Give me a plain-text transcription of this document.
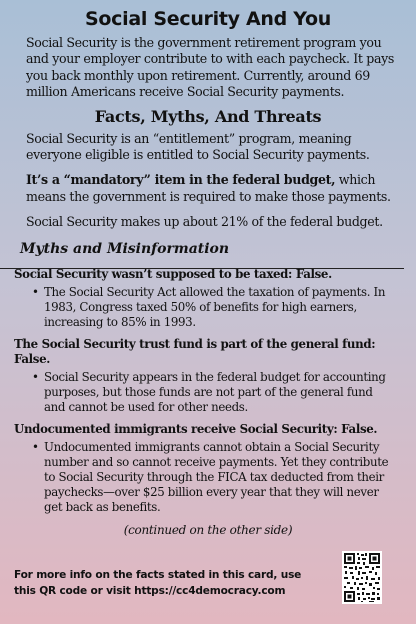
Social Security And You

Social Security is the government retirement program you and your employer contribute to with each paycheck. It pays you back monthly upon retirement. Currently, around 69 million Americans receive Social Security payments.

Facts, Myths, And Threats

Social Security is an “entitlement” program, meaning everyone eligible is entitled to Social Security payments.

It’s a “mandatory” item in the federal budget, which means the government is required to make those payments.

Social Security makes up about 21% of the federal budget.

Myths and Misinformation
Social Security wasn’t supposed to be taxed: False.
• The Social Security Act allowed the taxation of payments. In 1983, Congress taxed 50% of benefits for high earners, increasing to 85% in 1993.
The Social Security trust fund is part of the general fund: False.
• Social Security appears in the federal budget for accounting purposes, but those funds are not part of the general fund and cannot be used for other needs.
Undocumented immigrants receive Social Security: False.
• Undocumented immigrants cannot obtain a Social Security number and so cannot receive payments. Yet they contribute to Social Security through the FICA tax deducted from their paychecks—over $25 billion every year that they will never get back as benefits.
(continued on the other side)
For more info on the facts stated in this card, use
this QR code or visit https://cc4democracy.com
